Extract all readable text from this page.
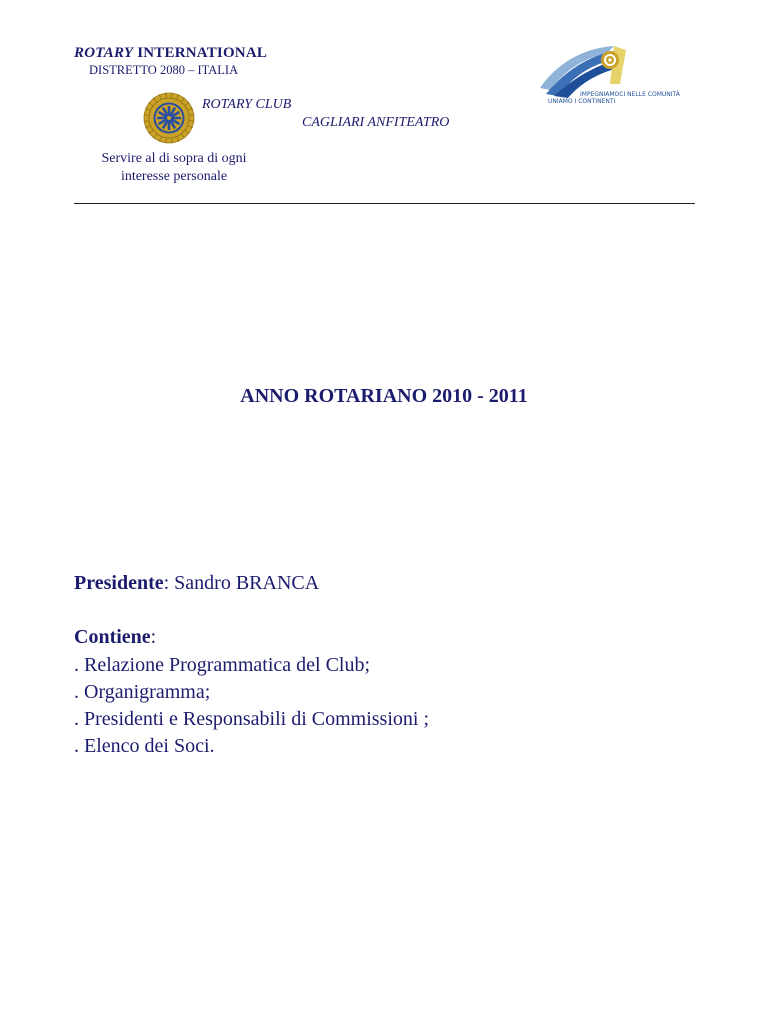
ROTARY INTERNATIONAL
DISTRETTO 2080 – ITALIA
ROTARY CLUB
CAGLIARI ANFITEATRO
Servire al di sopra di ogni
interesse personale
IMPEGNIAMOCI NELLE COMUNITÀ
UNIAMO I CONTINENTI
ANNO ROTARIANO 2010 - 2011
Presidente: Sandro BRANCA
Contiene:
. Relazione Programmatica del Club;
. Organigramma;
. Presidenti e Responsabili di Commissioni ;
. Elenco dei Soci.
